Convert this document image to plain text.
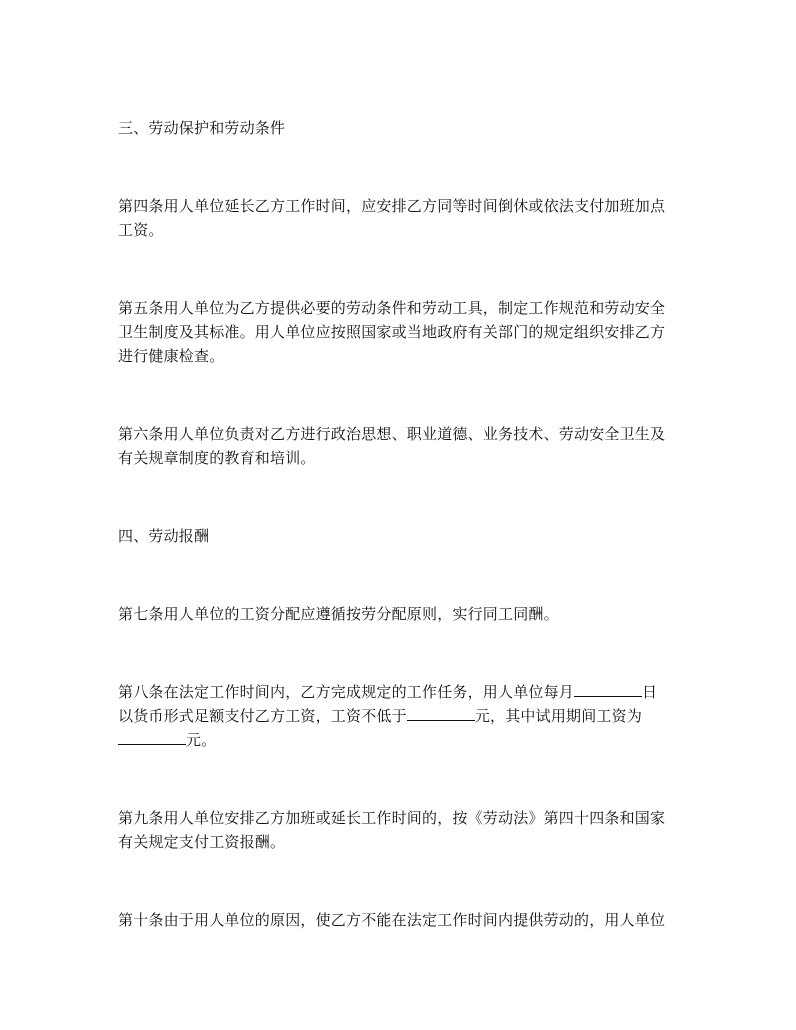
三、劳动保护和劳动条件
第四条用人单位延长乙方工作时间，应安排乙方同等时间倒休或依法支付加班加点
工资。
第五条用人单位为乙方提供必要的劳动条件和劳动工具，制定工作规范和劳动安全
卫生制度及其标准。用人单位应按照国家或当地政府有关部门的规定组织安排乙方
进行健康检查。
第六条用人单位负责对乙方进行政治思想、职业道德、业务技术、劳动安全卫生及
有关规章制度的教育和培训。
四、劳动报酬
第七条用人单位的工资分配应遵循按劳分配原则，实行同工同酬。
第八条在法定工作时间内，乙方完成规定的工作任务，用人单位每月	日
以货币形式足额支付乙方工资，工资不低于	元，其中试用期间工资为
元。
第九条用人单位安排乙方加班或延长工作时间的，按《劳动法》第四十四条和国家
有关规定支付工资报酬。
第十条由于用人单位的原因，使乙方不能在法定工作时间内提供劳动的，用人单位
